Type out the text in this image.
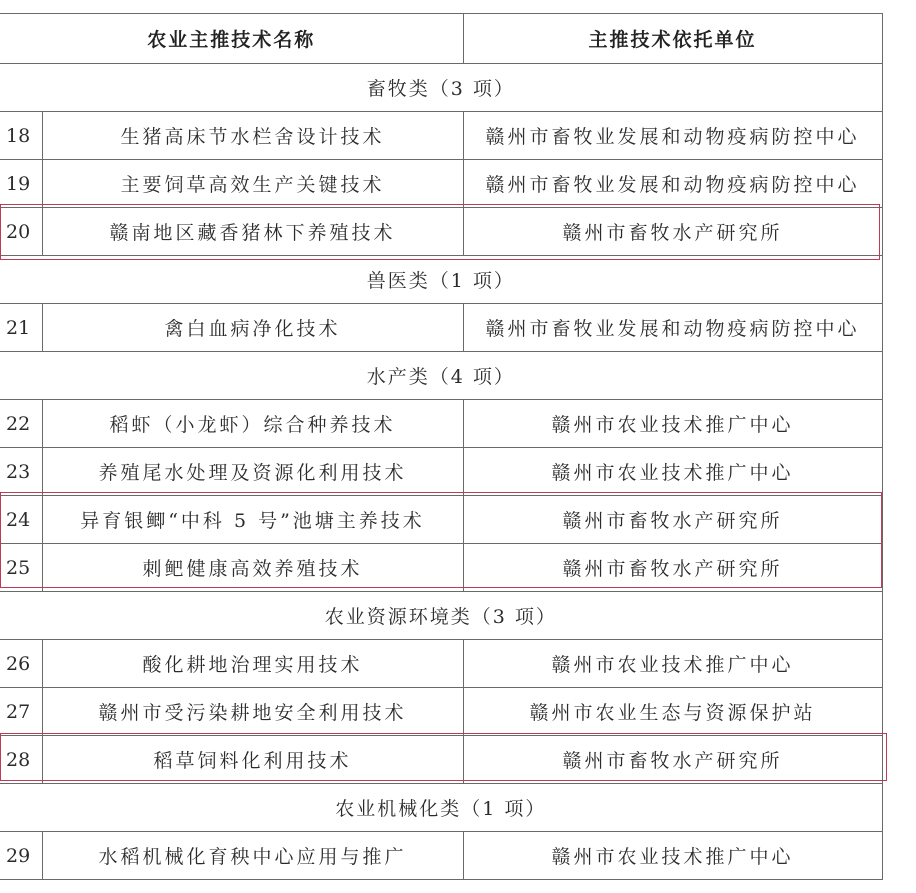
农业主推技术名称		主推技术依托单位
畜牧类（3 项）		
18	生猪高床节水栏舍设计技术	赣州市畜牧业发展和动物疫病防控中心
19	主要饲草高效生产关键技术	赣州市畜牧业发展和动物疫病防控中心
20	赣南地区藏香猪林下养殖技术	赣州市畜牧水产研究所
兽医类（1 项）		
21	禽白血病净化技术	赣州市畜牧业发展和动物疫病防控中心
水产类（4 项）		
22	稻虾（小龙虾）综合种养技术	赣州市农业技术推广中心
23	养殖尾水处理及资源化利用技术	赣州市农业技术推广中心
24	异育银鲫“中科 5 号”池塘主养技术	赣州市畜牧水产研究所
25	刺鲃健康高效养殖技术	赣州市畜牧水产研究所
农业资源环境类（3 项）		
26	酸化耕地治理实用技术	赣州市农业技术推广中心
27	赣州市受污染耕地安全利用技术	赣州市农业生态与资源保护站
28	稻草饲料化利用技术	赣州市畜牧水产研究所
农业机械化类（1 项）		
29	水稻机械化育秧中心应用与推广	赣州市农业技术推广中心
